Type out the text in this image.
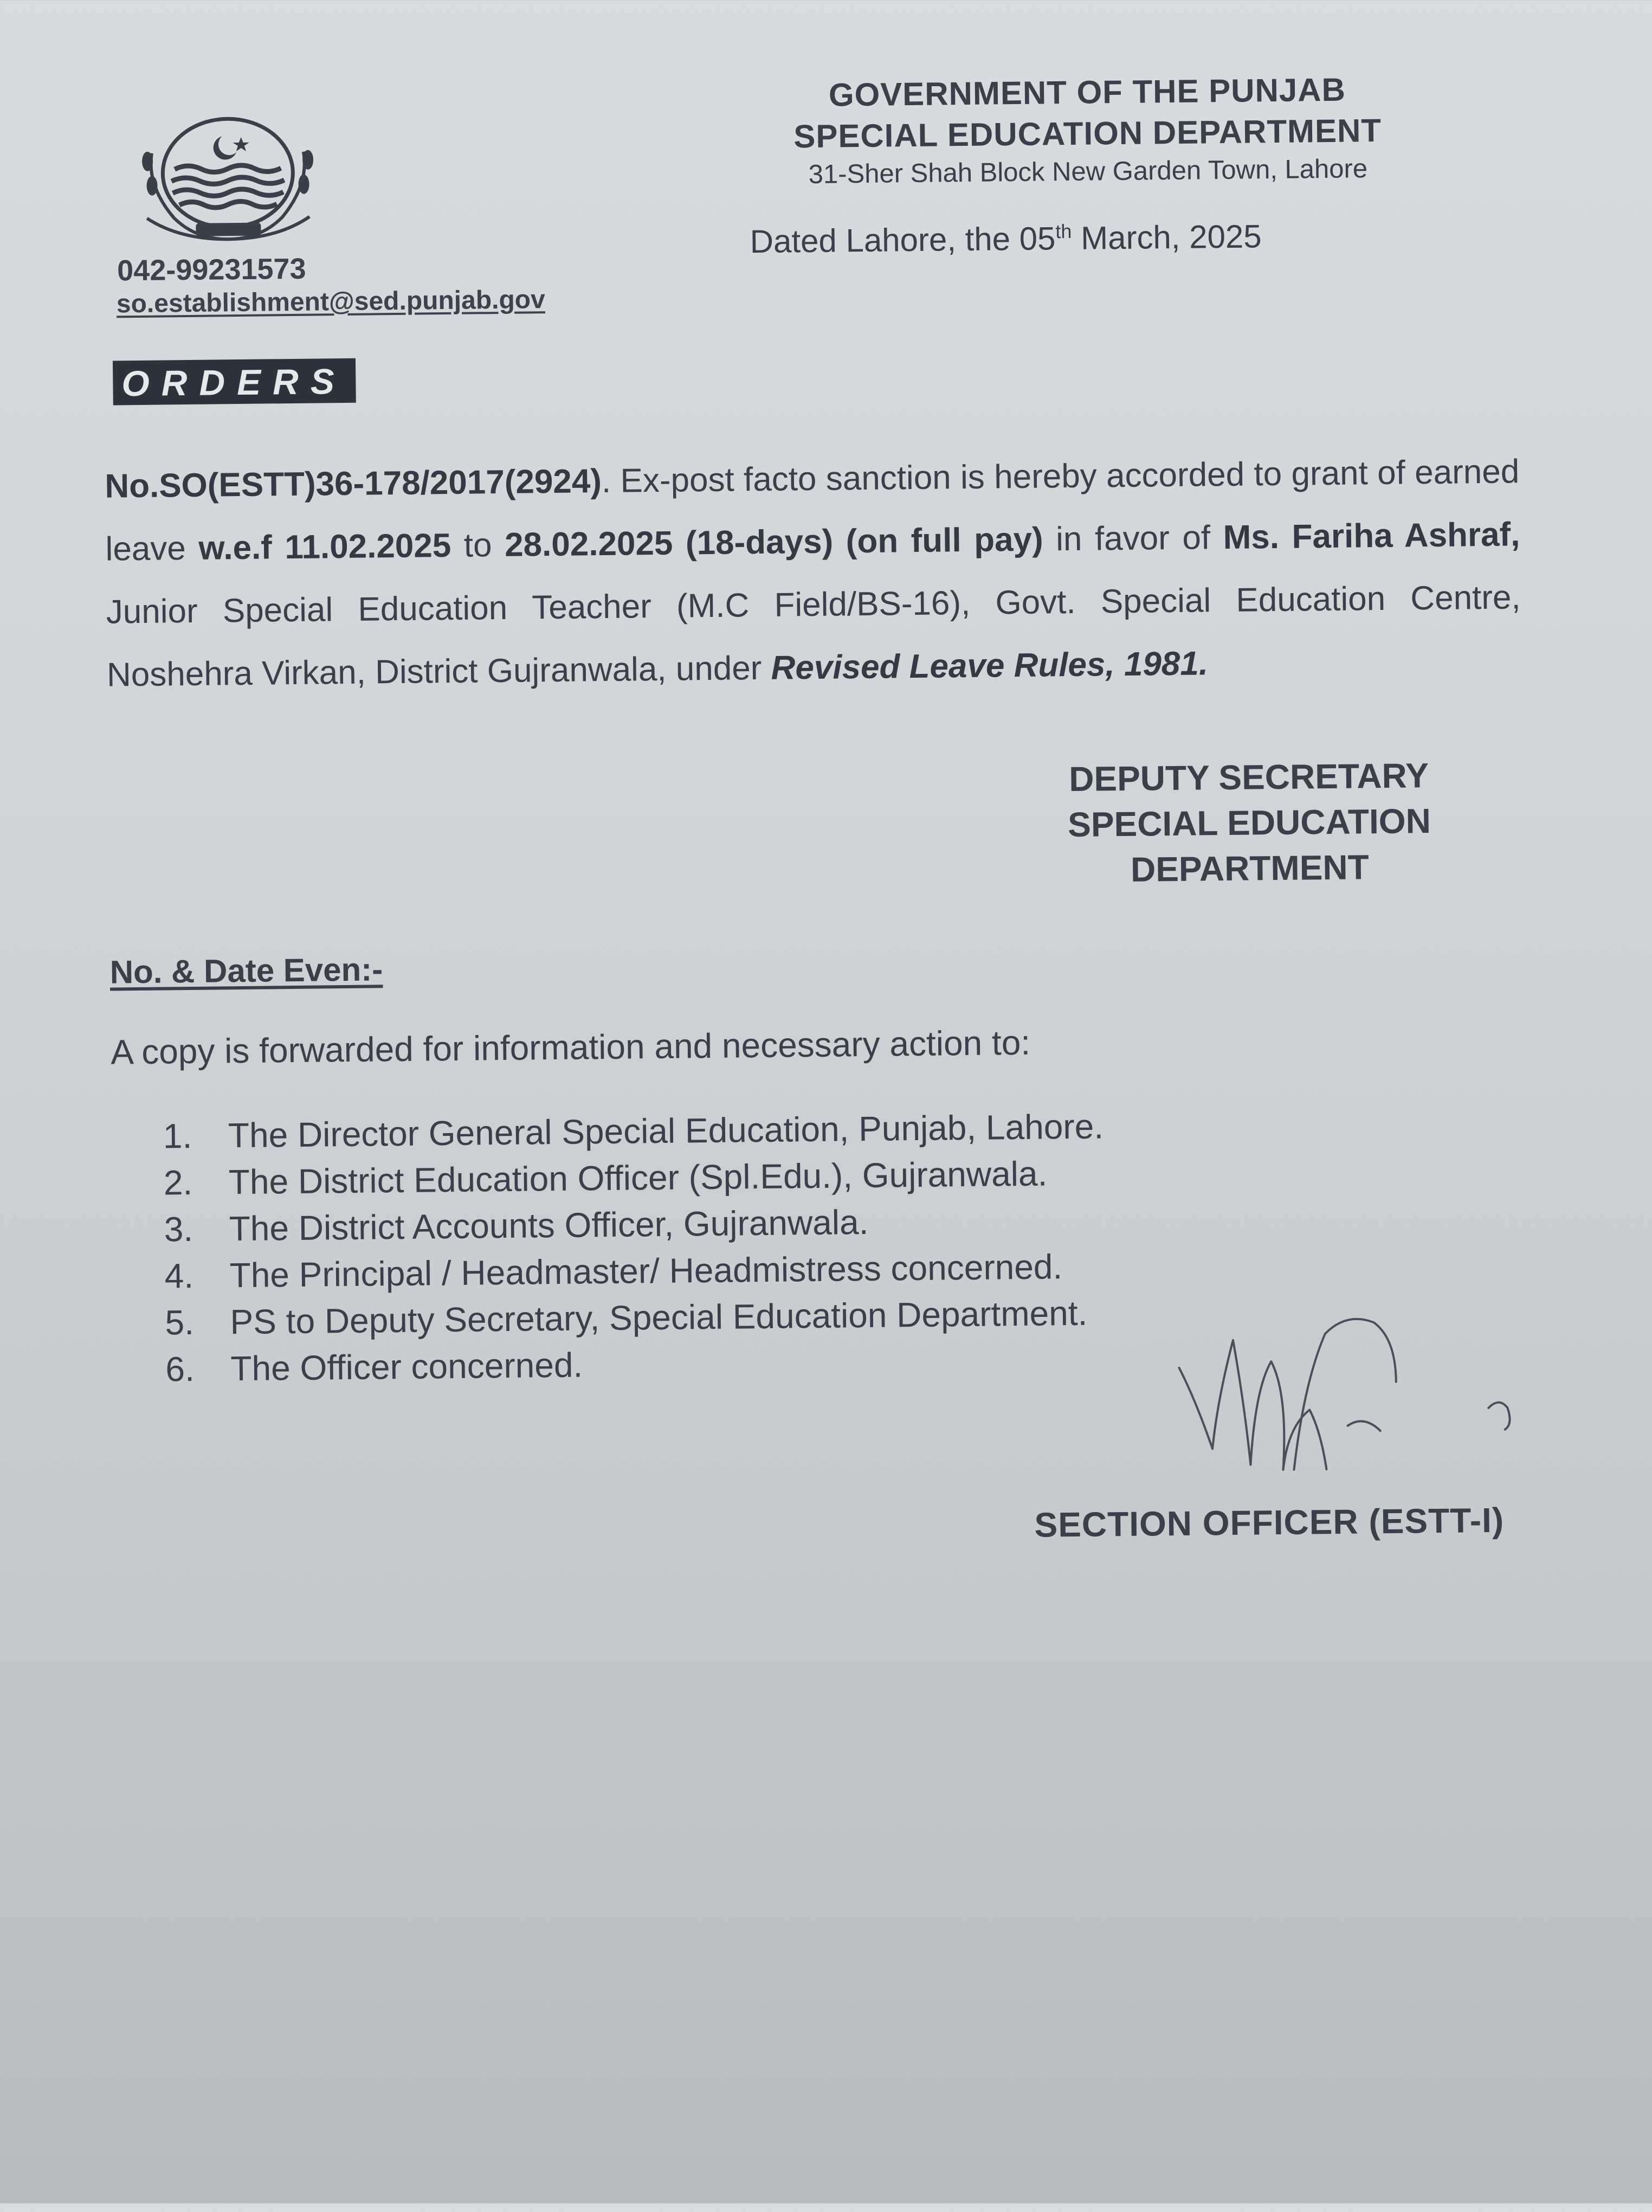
042-99231573
so.establishment@sed.punjab.gov
GOVERNMENT OF THE PUNJAB
SPECIAL EDUCATION DEPARTMENT
31-Sher Shah Block New Garden Town, Lahore
Dated Lahore, the 05th March, 2025
ORDERS

No.SO(ESTT)36-178/2017(2924). Ex-post facto sanction is hereby accorded to grant of earned leave w.e.f 11.02.2025 to 28.02.2025 (18-days) (on full pay) in favor of Ms. Fariha Ashraf, Junior Special Education Teacher (M.C Field/BS-16), Govt. Special Education Centre, Noshehra Virkan, District Gujranwala, under Revised Leave Rules, 1981.
DEPUTY SECRETARY
SPECIAL EDUCATION
DEPARTMENT
No. & Date Even:-
A copy is forwarded for information and necessary action to:
1.	The Director General Special Education, Punjab, Lahore.
2.	The District Education Officer (Spl.Edu.), Gujranwala.
3.	The District Accounts Officer, Gujranwala.
4.	The Principal / Headmaster/ Headmistress concerned.
5.	PS to Deputy Secretary, Special Education Department.
6.	The Officer concerned.
SECTION OFFICER (ESTT-I)
